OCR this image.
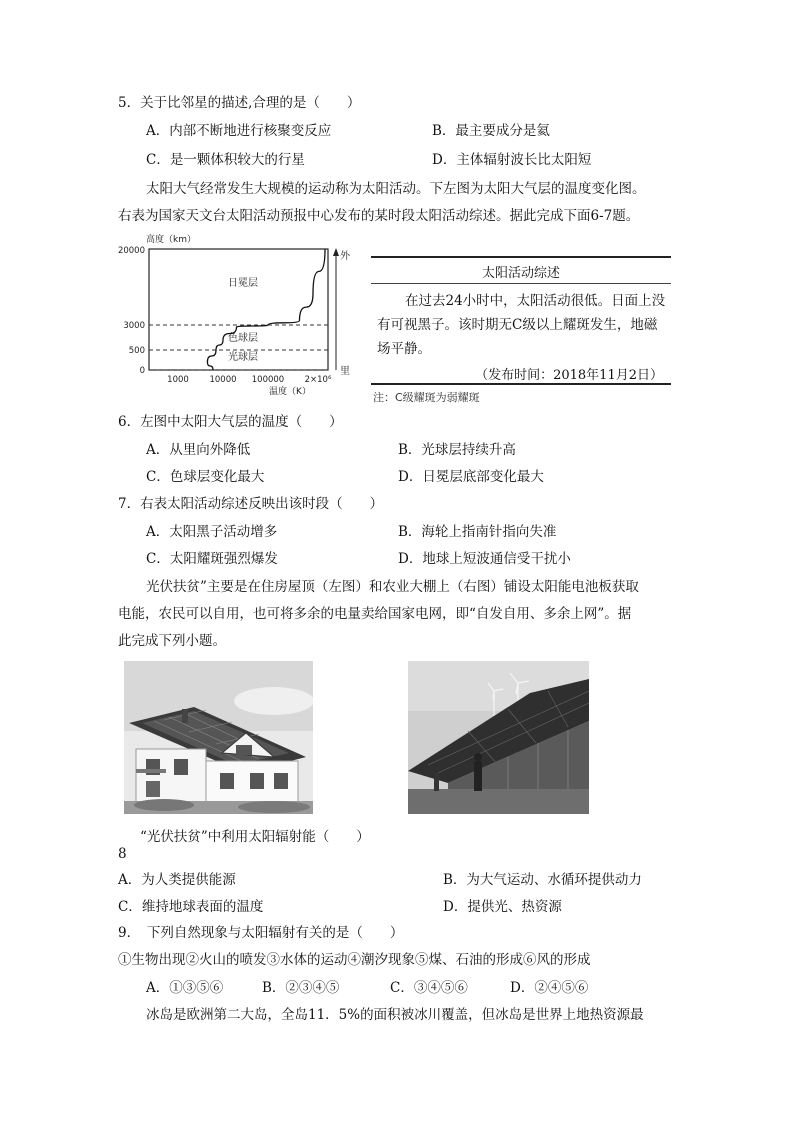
5．关于比邻星的描述,合理的是（　　）
A．内部不断地进行核聚变反应	B．最主要成分是氦
C．是一颗体积较大的行星	D．主体辐射波长比太阳短
太阳大气经常发生大规模的运动称为太阳活动。下左图为太阳大气层的温度变化图。
右表为国家天文台太阳活动预报中心发布的某时段太阳活动综述。据此完成下面6-7题。
高度（km）
20000
3000
500
0
1000 10000 100000 2×10⁶
温度（K）
日冕层
色球层
光球层
外
里
太阳活动综述
在过去24小时中，太阳活动很低。日面上没有可视黑子。该时期无C级以上耀斑发生，地磁场平静。
（发布时间：2018年11月2日）
注：C级耀斑为弱耀斑
6．左图中太阳大气层的温度（　　）
A．从里向外降低	B．光球层持续升高
C．色球层变化最大	D．日冕层底部变化最大
7．右表太阳活动综述反映出该时段（　　）
A．太阳黑子活动增多	B．海轮上指南针指向失准
C．太阳耀斑强烈爆发	D．地球上短波通信受干扰小
光伏扶贫”主要是在住房屋顶（左图）和农业大棚上（右图）铺设太阳能电池板获取
电能，农民可以自用，也可将多余的电量卖给国家电网，即“自发自用、多余上网”。据
此完成下列小题。
“光伏扶贫”中利用太阳辐射能（　　）
8
A．为人类提供能源	B．为大气运动、水循环提供动力
C．维持地球表面的温度	D．提供光、热资源
9．　下列自然现象与太阳辐射有关的是（　　）
①生物出现②火山的喷发③水体的运动④潮汐现象⑤煤、石油的形成⑥风的形成
A．①③⑤⑥	B．②③④⑤	C．③④⑤⑥	D．②④⑤⑥
冰岛是欧洲第二大岛，全岛11．5%的面积被冰川覆盖，但冰岛是世界上地热资源最
